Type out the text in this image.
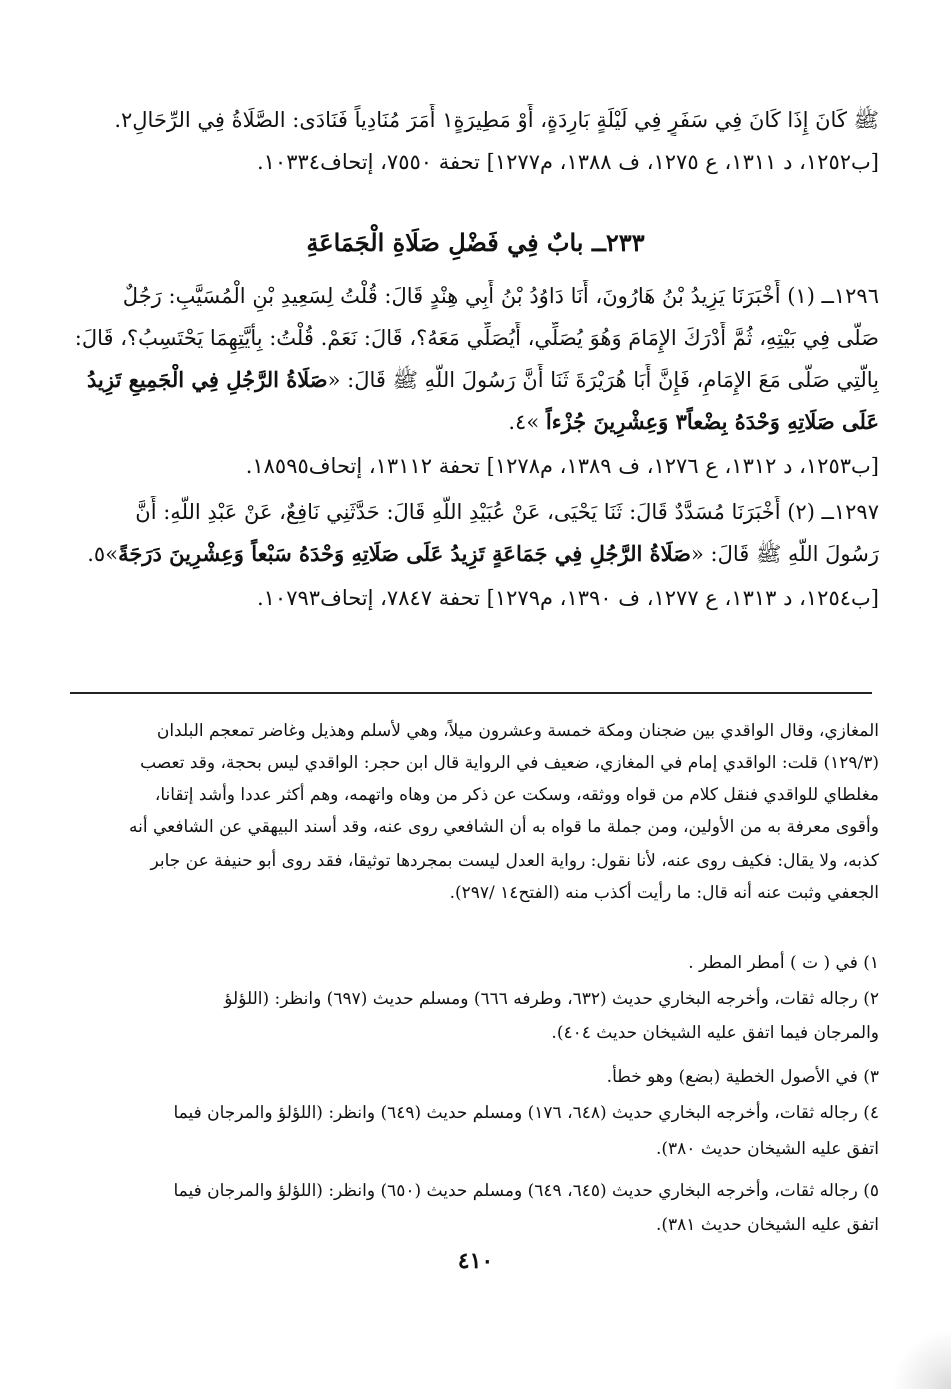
ﷺ كَانَ إِذَا كَانَ فِي سَفَرٍ فِي لَيْلَةٍ بَارِدَةٍ، أَوْ مَطِيرَةٍ١ أَمَرَ مُنَادِياً فَنَادَى: الصَّلَاةُ فِي الرِّحَالِ٢.
[ب١٢٥٢، د ١٣١١، ع ١٢٧٥، ف ١٣٨٨، م١٢٧٧] تحفة ٧٥٥٠، إتحاف١٠٣٣٤.
٢٣٣ــ بابٌ فِي فَضْلِ صَلَاةِ الْجَمَاعَةِ
١٢٩٦ــ (١) أَخْبَرَنَا يَزِيدُ بْنُ هَارُونَ، أَنَا دَاوُدُ بْنُ أَبِي هِنْدٍ قَالَ: قُلْتُ لِسَعِيدِ بْنِ الْمُسَيَّبِ: رَجُلٌ
صَلَّى فِي بَيْتِهِ، ثُمَّ أَدْرَكَ الإِمَامَ وَهُوَ يُصَلِّي، أَيُصَلِّي مَعَهُ؟، قَالَ: نَعَمْ. قُلْتُ: بِأَيَّتِهِمَا يَحْتَسِبُ؟، قَالَ:
بِالَّتِي صَلَّى مَعَ الإِمَامِ، فَإِنَّ أَبَا هُرَيْرَةَ ثَنَا أَنَّ رَسُولَ اللَّهِ ﷺ قَالَ: «صَلَاةُ الرَّجُلِ فِي الْجَمِيعِ تَزِيدُ
عَلَى صَلَاتِهِ وَحْدَهُ بِضْعاً٣ وَعِشْرِينَ جُزْءاً »٤.
[ب١٢٥٣، د ١٣١٢، ع ١٢٧٦، ف ١٣٨٩، م١٢٧٨] تحفة ١٣١١٢، إتحاف١٨٥٩٥.
١٢٩٧ــ (٢) أَخْبَرَنَا مُسَدَّدٌ قَالَ: ثَنَا يَحْيَى، عَنْ عُبَيْدِ اللَّهِ قَالَ: حَدَّثَنِي نَافِعٌ، عَنْ عَبْدِ اللَّهِ: أَنَّ
رَسُولَ اللَّهِ ﷺ قَالَ: «صَلَاةُ الرَّجُلِ فِي جَمَاعَةٍ تَزِيدُ عَلَى صَلَاتِهِ وَحْدَهُ سَبْعاً وَعِشْرِينَ دَرَجَةً»٥.
[ب١٢٥٤، د ١٣١٣، ع ١٢٧٧، ف ١٣٩٠، م١٢٧٩] تحفة ٧٨٤٧، إتحاف١٠٧٩٣.
المغازي، وقال الواقدي بين ضجنان ومكة خمسة وعشرون ميلاً، وهي لأسلم وهذيل وغاضر تمعجم البلدان
(١٢٩/٣) قلت: الواقدي إمام في المغازي، ضعيف في الرواية قال ابن حجر: الواقدي ليس بحجة، وقد تعصب
مغلطاي للواقدي فنقل كلام من قواه ووثقه، وسكت عن ذكر من وهاه واتهمه، وهم أكثر عددا وأشد إتقانا،
وأقوى معرفة به من الأولين، ومن جملة ما قواه به أن الشافعي روى عنه، وقد أسند البيهقي عن الشافعي أنه
كذبه، ولا يقال: فكيف روى عنه، لأنا نقول: رواية العدل ليست بمجردها توثيقا، فقد روى أبو حنيفة عن جابر
الجعفي وثبت عنه أنه قال: ما رأيت أكذب منه (الفتح١٤ /٢٩٧).
١) في ( ت ) أمطر المطر .
٢) رجاله ثقات، وأخرجه البخاري حديث (٦٣٢، وطرفه ٦٦٦) ومسلم حديث (٦٩٧) وانظر: (اللؤلؤ
والمرجان فيما اتفق عليه الشيخان حديث ٤٠٤).
٣) في الأصول الخطية (بضع) وهو خطأ.
٤) رجاله ثقات، وأخرجه البخاري حديث (٦٤٨، ١٧٦) ومسلم حديث (٦٤٩) وانظر: (اللؤلؤ والمرجان فيما
اتفق عليه الشيخان حديث ٣٨٠).
٥) رجاله ثقات، وأخرجه البخاري حديث (٦٤٥، ٦٤٩) ومسلم حديث (٦٥٠) وانظر: (اللؤلؤ والمرجان فيما
اتفق عليه الشيخان حديث ٣٨١).
٤١٠
